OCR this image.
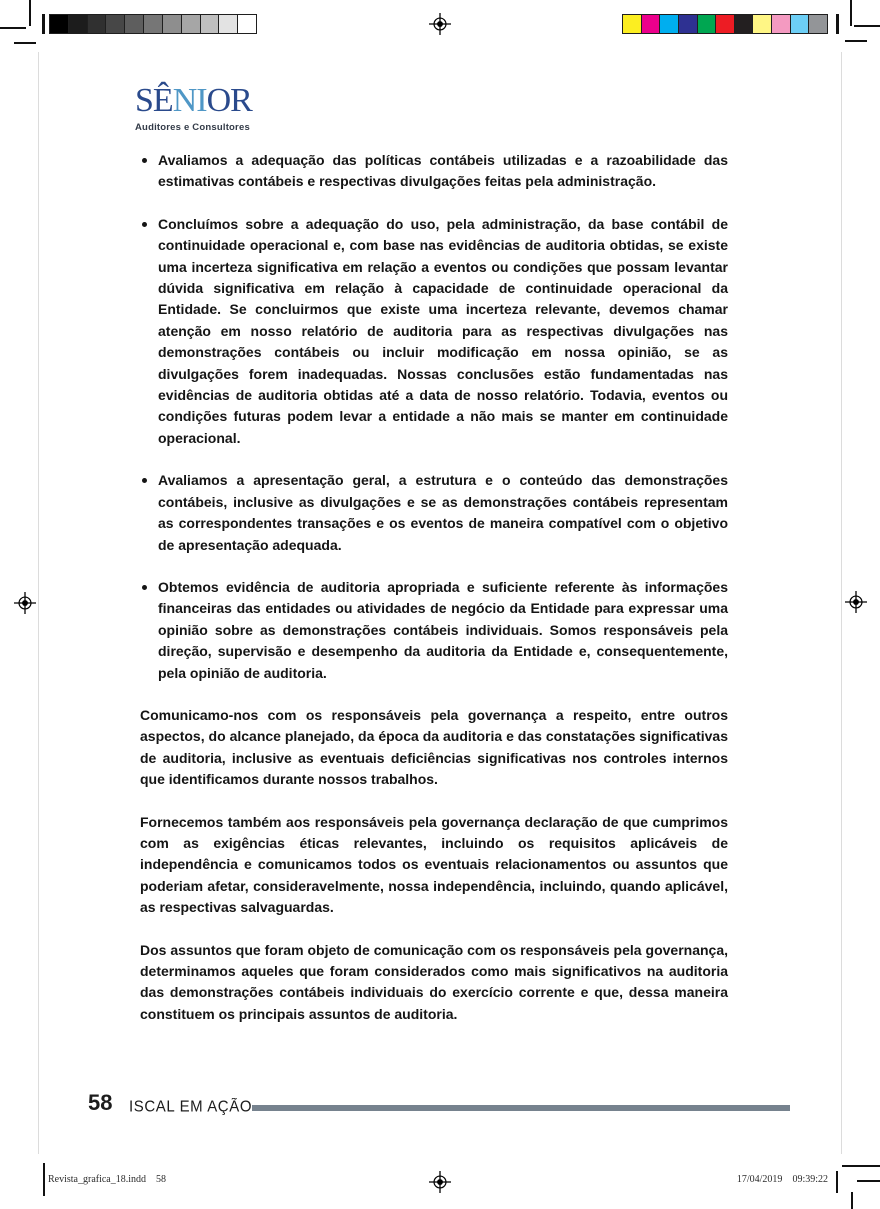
SÊNIOR
Auditores e Consultores
Avaliamos a adequação das políticas contábeis utilizadas e a razoabilidade das estimativas contábeis e respectivas divulgações feitas pela administração.
Concluímos sobre a adequação do uso, pela administração, da base contábil de continuidade operacional e, com base nas evidências de auditoria obtidas, se existe uma incerteza significativa em relação a eventos ou condições que possam levantar dúvida significativa em relação à capacidade de continuidade operacional da Entidade. Se concluirmos que existe uma incerteza relevante, devemos chamar atenção em nosso relatório de auditoria para as respectivas divulgações nas demonstrações contábeis ou incluir modificação em nossa opinião, se as divulgações forem inadequadas. Nossas conclusões estão fundamentadas nas evidências de auditoria obtidas até a data de nosso relatório. Todavia, eventos ou condições futuras podem levar a entidade a não mais se manter em continuidade operacional.
Avaliamos a apresentação geral, a estrutura e o conteúdo das demonstrações contábeis, inclusive as divulgações e se as demonstrações contábeis representam as correspondentes transações e os eventos de maneira compatível com o objetivo de apresentação adequada.
Obtemos evidência de auditoria apropriada e suficiente referente às informações financeiras das entidades ou atividades de negócio da Entidade para expressar uma opinião sobre as demonstrações contábeis individuais. Somos responsáveis pela direção, supervisão e desempenho da auditoria da Entidade e, consequentemente, pela opinião de auditoria.

Comunicamo-nos com os responsáveis pela governança a respeito, entre outros aspectos, do alcance planejado, da época da auditoria e das constatações significativas de auditoria, inclusive as eventuais deficiências significativas nos controles internos que identificamos durante nossos trabalhos.

Fornecemos também aos responsáveis pela governança declaração de que cumprimos com as exigências éticas relevantes, incluindo os requisitos aplicáveis de independência e comunicamos todos os eventuais relacionamentos ou assuntos que poderiam afetar, consideravelmente, nossa independência, incluindo, quando aplicável, as respectivas salvaguardas.

Dos assuntos que foram objeto de comunicação com os responsáveis pela governança, determinamos aqueles que foram considerados como mais significativos na auditoria das demonstrações contábeis individuais do exercício corrente e que, dessa maneira constituem os principais assuntos de auditoria.

58 ISCAL EM AÇÃO
Revista_grafica_18.indd 58	17/04/2019 09:39:22
